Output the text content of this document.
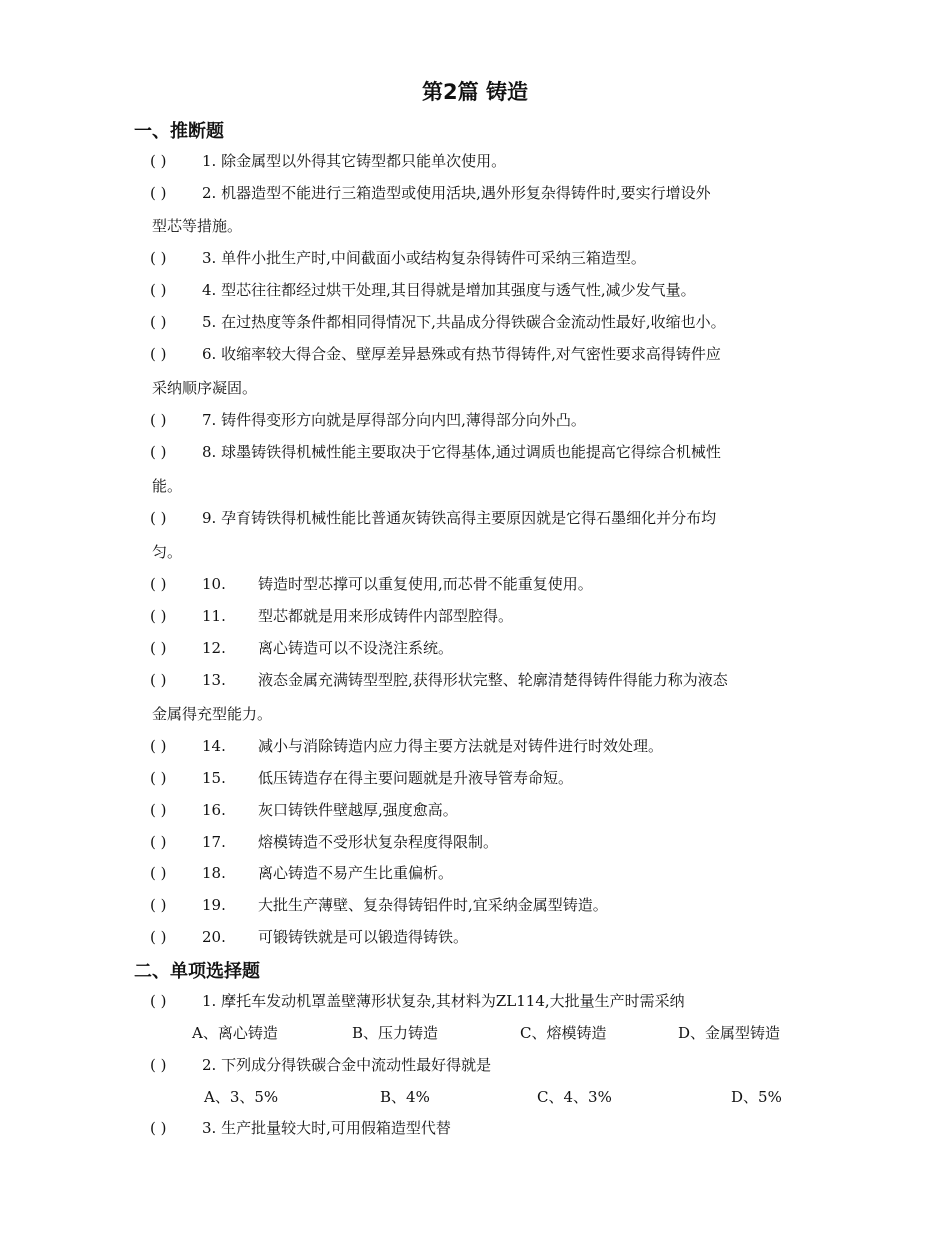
第2篇 铸造
一、推断题
( ) 1. 除金属型以外得其它铸型都只能单次使用。
( ) 2. 机器造型不能进行三箱造型或使用活块,遇外形复杂得铸件时,要实行增设外
型芯等措施。
( ) 3. 单件小批生产时,中间截面小或结构复杂得铸件可采纳三箱造型。
( ) 4. 型芯往往都经过烘干处理,其目得就是增加其强度与透气性,减少发气量。
( ) 5. 在过热度等条件都相同得情况下,共晶成分得铁碳合金流动性最好,收缩也小。
( ) 6. 收缩率较大得合金、壁厚差异悬殊或有热节得铸件,对气密性要求高得铸件应
采纳顺序凝固。
( ) 7. 铸件得变形方向就是厚得部分向内凹,薄得部分向外凸。
( ) 8. 球墨铸铁得机械性能主要取决于它得基体,通过调质也能提高它得综合机械性
能。
( ) 9. 孕育铸铁得机械性能比普通灰铸铁高得主要原因就是它得石墨细化并分布均
匀。
( ) 10. 铸造时型芯撑可以重复使用,而芯骨不能重复使用。
( ) 11. 型芯都就是用来形成铸件内部型腔得。
( ) 12. 离心铸造可以不设浇注系统。
( ) 13. 液态金属充满铸型型腔,获得形状完整、轮廓清楚得铸件得能力称为液态
金属得充型能力。
( ) 14. 减小与消除铸造内应力得主要方法就是对铸件进行时效处理。
( ) 15. 低压铸造存在得主要问题就是升液导管寿命短。
( ) 16. 灰口铸铁件壁越厚,强度愈高。
( ) 17. 熔模铸造不受形状复杂程度得限制。
( ) 18. 离心铸造不易产生比重偏析。
( ) 19. 大批生产薄壁、复杂得铸铝件时,宜采纳金属型铸造。
( ) 20. 可锻铸铁就是可以锻造得铸铁。
二、单项选择题
( ) 1. 摩托车发动机罩盖壁薄形状复杂,其材料为ZL114,大批量生产时需采纳
A、离心铸造	B、压力铸造	C、熔模铸造	D、金属型铸造
( ) 2. 下列成分得铁碳合金中流动性最好得就是
A、3、5%	B、4%	C、4、3%	D、5%
( ) 3. 生产批量较大时,可用假箱造型代替
